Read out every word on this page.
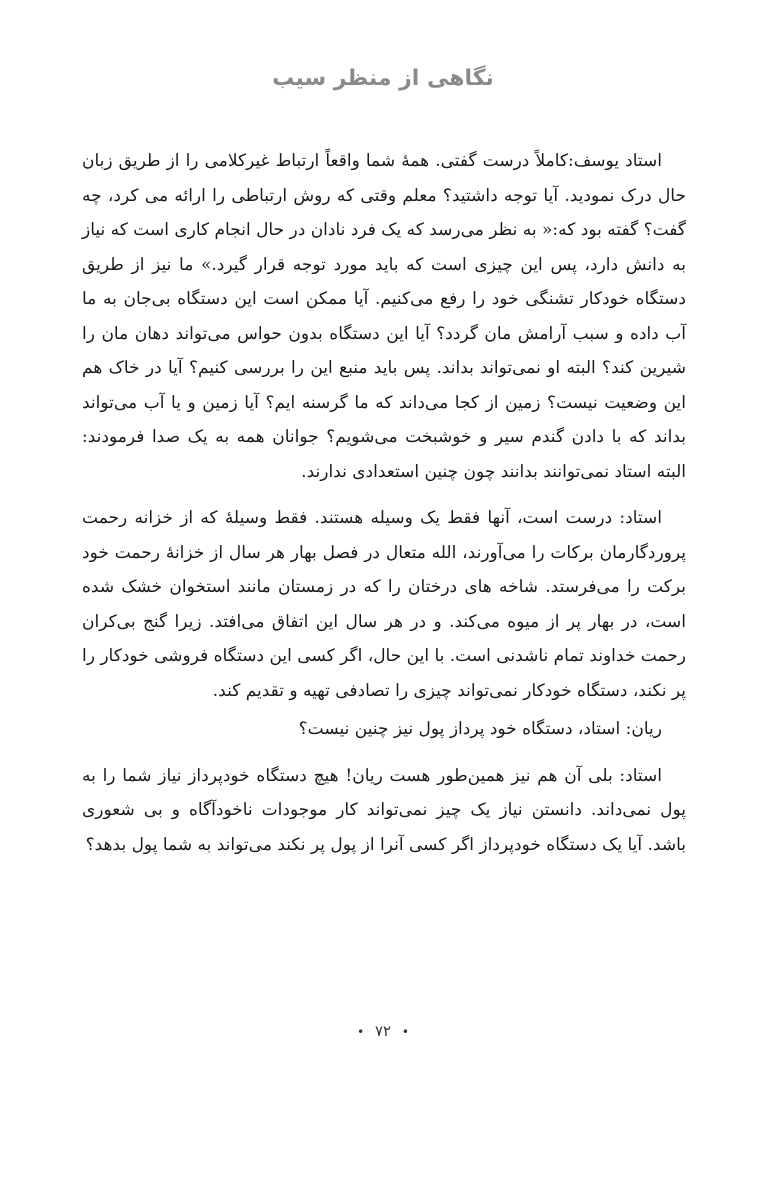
نگاهی از منظر سیب

استاد یوسف:کاملاً درست گفتی. همهٔ شما واقعاً ارتباط غیرکلامی را از طریق زبان حال درک نمودید. آیا توجه داشتید؟ معلم وقتی که روش ارتباطی را ارائه می کرد، چه گفت؟ گفته بود که:« به نظر می‌رسد که یک فرد نادان در حال انجام کاری است که نیاز به دانش دارد، پس این چیزی است که باید مورد توجه قرار گیرد.» ما نیز از طریق دستگاه خودکار تشنگی خود را رفع می‌کنیم. آیا ممکن است این دستگاه بی‌جان به ما آب داده و سبب آرامش مان گردد؟ آیا این دستگاه بدون حواس می‌تواند دهان مان را شیرین کند؟ البته او نمی‌تواند بداند. پس باید منبع این را بررسی کنیم؟ آیا در خاک هم این وضعیت نیست؟ زمین از کجا می‌داند که ما گرسنه ایم؟ آیا زمین و یا آب می‌تواند بداند که با دادن گندم سیر و خوشبخت می‌شویم؟ جوانان همه به یک صدا فرمودند: البته استاد نمی‌توانند بدانند چون چنین استعدادی ندارند.

استاد: درست است، آنها فقط یک وسیله هستند. فقط وسیلهٔ که از خزانه رحمت پروردگارمان برکات را می‌آورند، الله متعال در فصل بهار هر سال از خزانهٔ رحمت خود برکت را می‌فرستد. شاخه های درختان را که در زمستان مانند استخوان خشک شده است، در بهار پر از میوه می‌کند. و در هر سال این اتفاق می‌افتد. زیرا گنج بی‌کران رحمت خداوند تمام ناشدنی است. با این حال، اگر کسی این دستگاه فروشی خودکار را پر نکند، دستگاه خودکار نمی‌تواند چیزی را تصادفی تهیه و تقدیم کند.

ریان: استاد، دستگاه خود پرداز پول نیز چنین نیست؟

استاد: بلی آن هم نیز همین‌طور هست ریان! هیچ دستگاه خودپرداز نیاز شما را به پول نمی‌داند. دانستن نیاز یک چیز نمی‌تواند کار موجودات ناخودآگاه و بی شعوری باشد. آیا یک دستگاه خودپرداز اگر کسی آنرا از پول پر نکند می‌تواند به شما پول بدهد؟

• ۷۲ •
